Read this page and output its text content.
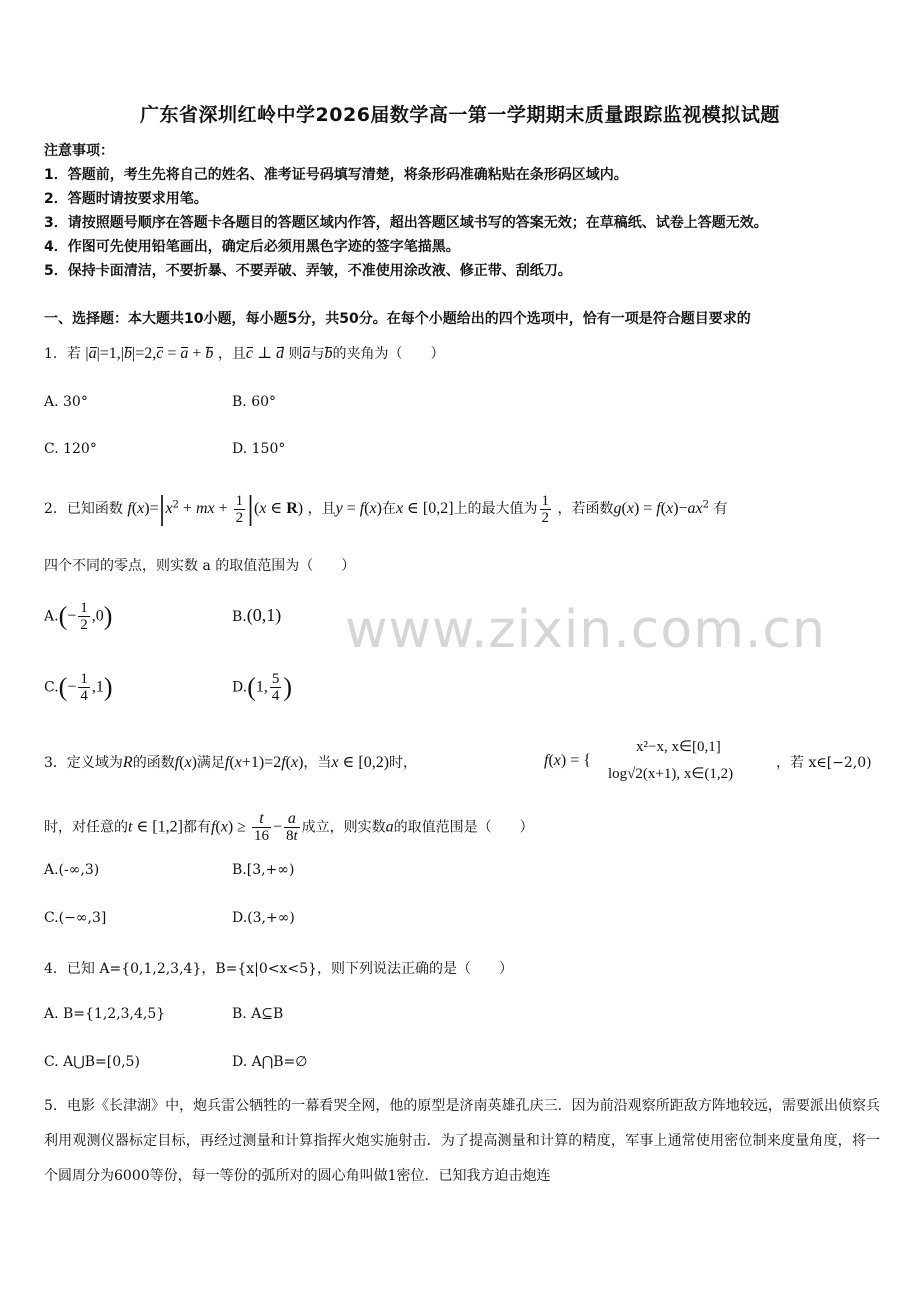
广东省深圳红岭中学2026届数学高一第一学期期末质量跟踪监视模拟试题
www.zixin.com.cn
注意事项：
1．答题前，考生先将自己的姓名、准考证号码填写清楚，将条形码准确粘贴在条形码区域内。
2．答题时请按要求用笔。
3．请按照题号顺序在答题卡各题目的答题区域内作答，超出答题区域书写的答案无效；在草稿纸、试卷上答题无效。
4．作图可先使用铅笔画出，确定后必须用黑色字迹的签字笔描黑。
5．保持卡面清洁，不要折暴、不要弄破、弄皱，不准使用涂改液、修正带、刮纸刀。
一、选择题：本大题共10小题，每小题5分，共50分。在每个小题给出的四个选项中，恰有一项是符合题目要求的
1．若 |a|=1,|b|=2,c = a + b ，且c ⊥ d 则a与b的夹角为（　　）
A. 30°	B. 60°
C. 120°	D. 150°
2．已知函数 $f(x)=|x^2$ + mx + $\frac{1}{2} |(x$ ∈ R) ，且y = f(x)在x ∈ [0,2]上的最大值为 $\frac{1}{2}$ ，若函数$g(x) = f(x)-ax^2$ 有
四个不同的零点，则实数 a 的取值范围为（　　）
$A.(- \frac{1}{2} ,0)$	B.(0,1)
$C.(- \frac{1}{4} ,1)$	D.(1, $\frac{5}{4}$ )
3．定义域为R的函数f(x)满足f(x+1)=2f(x)，当x ∈ [0,2)时，	f(x) = {
x²−x, x∈[0,1]
log√2(x+1), x∈(1,2)
，若 x∈[−2,0)
时，对任意的t ∈ [1,2]都有$f(x) \ge \frac{t}{16} - \frac{a}{8t}$ 成立，则实数a的取值范围是（　　）
A.(-∞,3)	B.[3,+∞)
C.(−∞,3]	D.(3,+∞)
4．已知 A={0,1,2,3,4}，B={x|0<x<5}，则下列说法正确的是（　　）
A. B={1,2,3,4,5}	B. A⊆B
C. A⋃B=[0,5)	D. A⋂B=∅

5．电影《长津湖》中，炮兵雷公牺牲的一幕看哭全网，他的原型是济南英雄孔庆三．因为前沿观察所距敌方阵地较远，需要派出侦察兵利用观测仪器标定目标，再经过测量和计算指挥火炮实施射击．为了提高测量和计算的精度，军事上通常使用密位制来度量角度，将一个圆周分为6000等份，每一等份的弧所对的圆心角叫做1密位．已知我方迫击炮连
